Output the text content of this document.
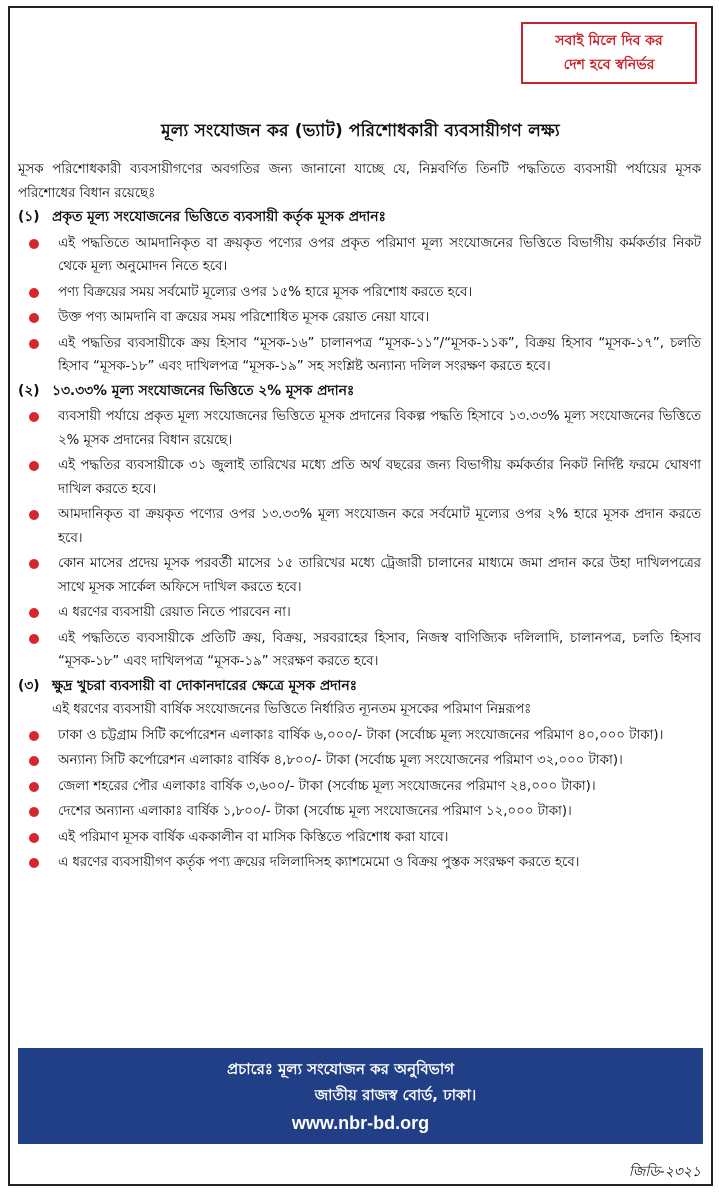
সবাই মিলে দিব কর
দেশ হবে স্বনির্ভর
মূল্য সংযোজন কর (ভ্যাট) পরিশোধকারী ব্যবসায়ীগণ লক্ষ্য

মূসক পরিশোধকারী ব্যবসায়ীগণের অবগতির জন্য জানানো যাচ্ছে যে, নিম্নবর্ণিত তিনটি পদ্ধতিতে ব্যবসায়ী পর্যায়ের মূসক পরিশোধের বিধান রয়েছেঃ

(১) প্রকৃত মূল্য সংযোজনের ভিত্তিতে ব্যবসায়ী কর্তৃক মূসক প্রদানঃ
এই পদ্ধতিতে আমদানিকৃত বা ক্রয়কৃত পণ্যের ওপর প্রকৃত পরিমাণ মূল্য সংযোজনের ভিত্তিতে বিভাগীয় কর্মকর্তার নিকট থেকে মূল্য অনুমোদন নিতে হবে।
পণ্য বিক্রয়ের সময় সর্বমোট মূল্যের ওপর ১৫% হারে মূসক পরিশোধ করতে হবে।
উক্ত পণ্য আমদানি বা ক্রয়ের সময় পরিশোধিত মূসক রেয়াত নেয়া যাবে।
এই পদ্ধতির ব্যবসায়ীকে ক্রয় হিসাব “মূসক-১৬” চালানপত্র “মূসক-১১”/“মূসক-১১ক”, বিক্রয় হিসাব “মূসক-১৭”, চলতি হিসাব “মূসক-১৮” এবং দাখিলপত্র “মূসক-১৯” সহ সংশ্লিষ্ট অন্যান্য দলিল সংরক্ষণ করতে হবে।
(২) ১৩.৩৩% মূল্য সংযোজনের ভিত্তিতে ২% মূসক প্রদানঃ
ব্যবসায়ী পর্যায়ে প্রকৃত মূল্য সংযোজনের ভিত্তিতে মূসক প্রদানের বিকল্প পদ্ধতি হিসাবে ১৩.৩৩% মূল্য সংযোজনের ভিত্তিতে ২% মূসক প্রদানের বিধান রয়েছে।
এই পদ্ধতির ব্যবসায়ীকে ৩১ জুলাই তারিখের মধ্যে প্রতি অর্থ বছরের জন্য বিভাগীয় কর্মকর্তার নিকট নির্দিষ্ট ফরমে ঘোষণা দাখিল করতে হবে।
আমদানিকৃত বা ক্রয়কৃত পণ্যের ওপর ১৩.৩৩% মূল্য সংযোজন করে সর্বমোট মূল্যের ওপর ২% হারে মূসক প্রদান করতে হবে।
কোন মাসের প্রদেয় মূসক পরবর্তী মাসের ১৫ তারিখের মধ্যে ট্রেজারী চালানের মাধ্যমে জমা প্রদান করে উহা দাখিলপত্রের সাথে মূসক সার্কেল অফিসে দাখিল করতে হবে।
এ ধরণের ব্যবসায়ী রেয়াত নিতে পারবেন না।
এই পদ্ধতিতে ব্যবসায়ীকে প্রতিটি ক্রয়, বিক্রয়, সরবরাহের হিসাব, নিজস্ব বাণিজ্যিক দলিলাদি, চালানপত্র, চলতি হিসাব “মূসক-১৮” এবং দাখিলপত্র “মূসক-১৯” সংরক্ষণ করতে হবে।
(৩) ক্ষুদ্র খুচরা ব্যবসায়ী বা দোকানদারের ক্ষেত্রে মূসক প্রদানঃ
এই ধরণের ব্যবসায়ী বার্ষিক সংযোজনের ভিত্তিতে নির্ধারিত ন্যূনতম মূসকের পরিমাণ নিম্নরূপঃ
ঢাকা ও চট্টগ্রাম সিটি কর্পোরেশন এলাকাঃ বার্ষিক ৬,০০০/- টাকা (সর্বোচ্চ মূল্য সংযোজনের পরিমাণ ৪০,০০০ টাকা)।
অন্যান্য সিটি কর্পোরেশন এলাকাঃ বার্ষিক ৪,৮০০/- টাকা (সর্বোচ্চ মূল্য সংযোজনের পরিমাণ ৩২,০০০ টাকা)।
জেলা শহরের পৌর এলাকাঃ বার্ষিক ৩,৬০০/- টাকা (সর্বোচ্চ মূল্য সংযোজনের পরিমাণ ২৪,০০০ টাকা)।
দেশের অন্যান্য এলাকাঃ বার্ষিক ১,৮০০/- টাকা (সর্বোচ্চ মূল্য সংযোজনের পরিমাণ ১২,০০০ টাকা)।
এই পরিমাণ মূসক বার্ষিক এককালীন বা মাসিক কিস্তিতে পরিশোধ করা যাবে।
এ ধরণের ব্যবসায়ীগণ কর্তৃক পণ্য ক্রয়ের দলিলাদিসহ ক্যাশমেমো ও বিক্রয় পুস্তক সংরক্ষণ করতে হবে।
প্রচারেঃ মূল্য সংযোজন কর অনুবিভাগ
জাতীয় রাজস্ব বোর্ড, ঢাকা।
www.nbr-bd.org
জিডি-২৩২১
